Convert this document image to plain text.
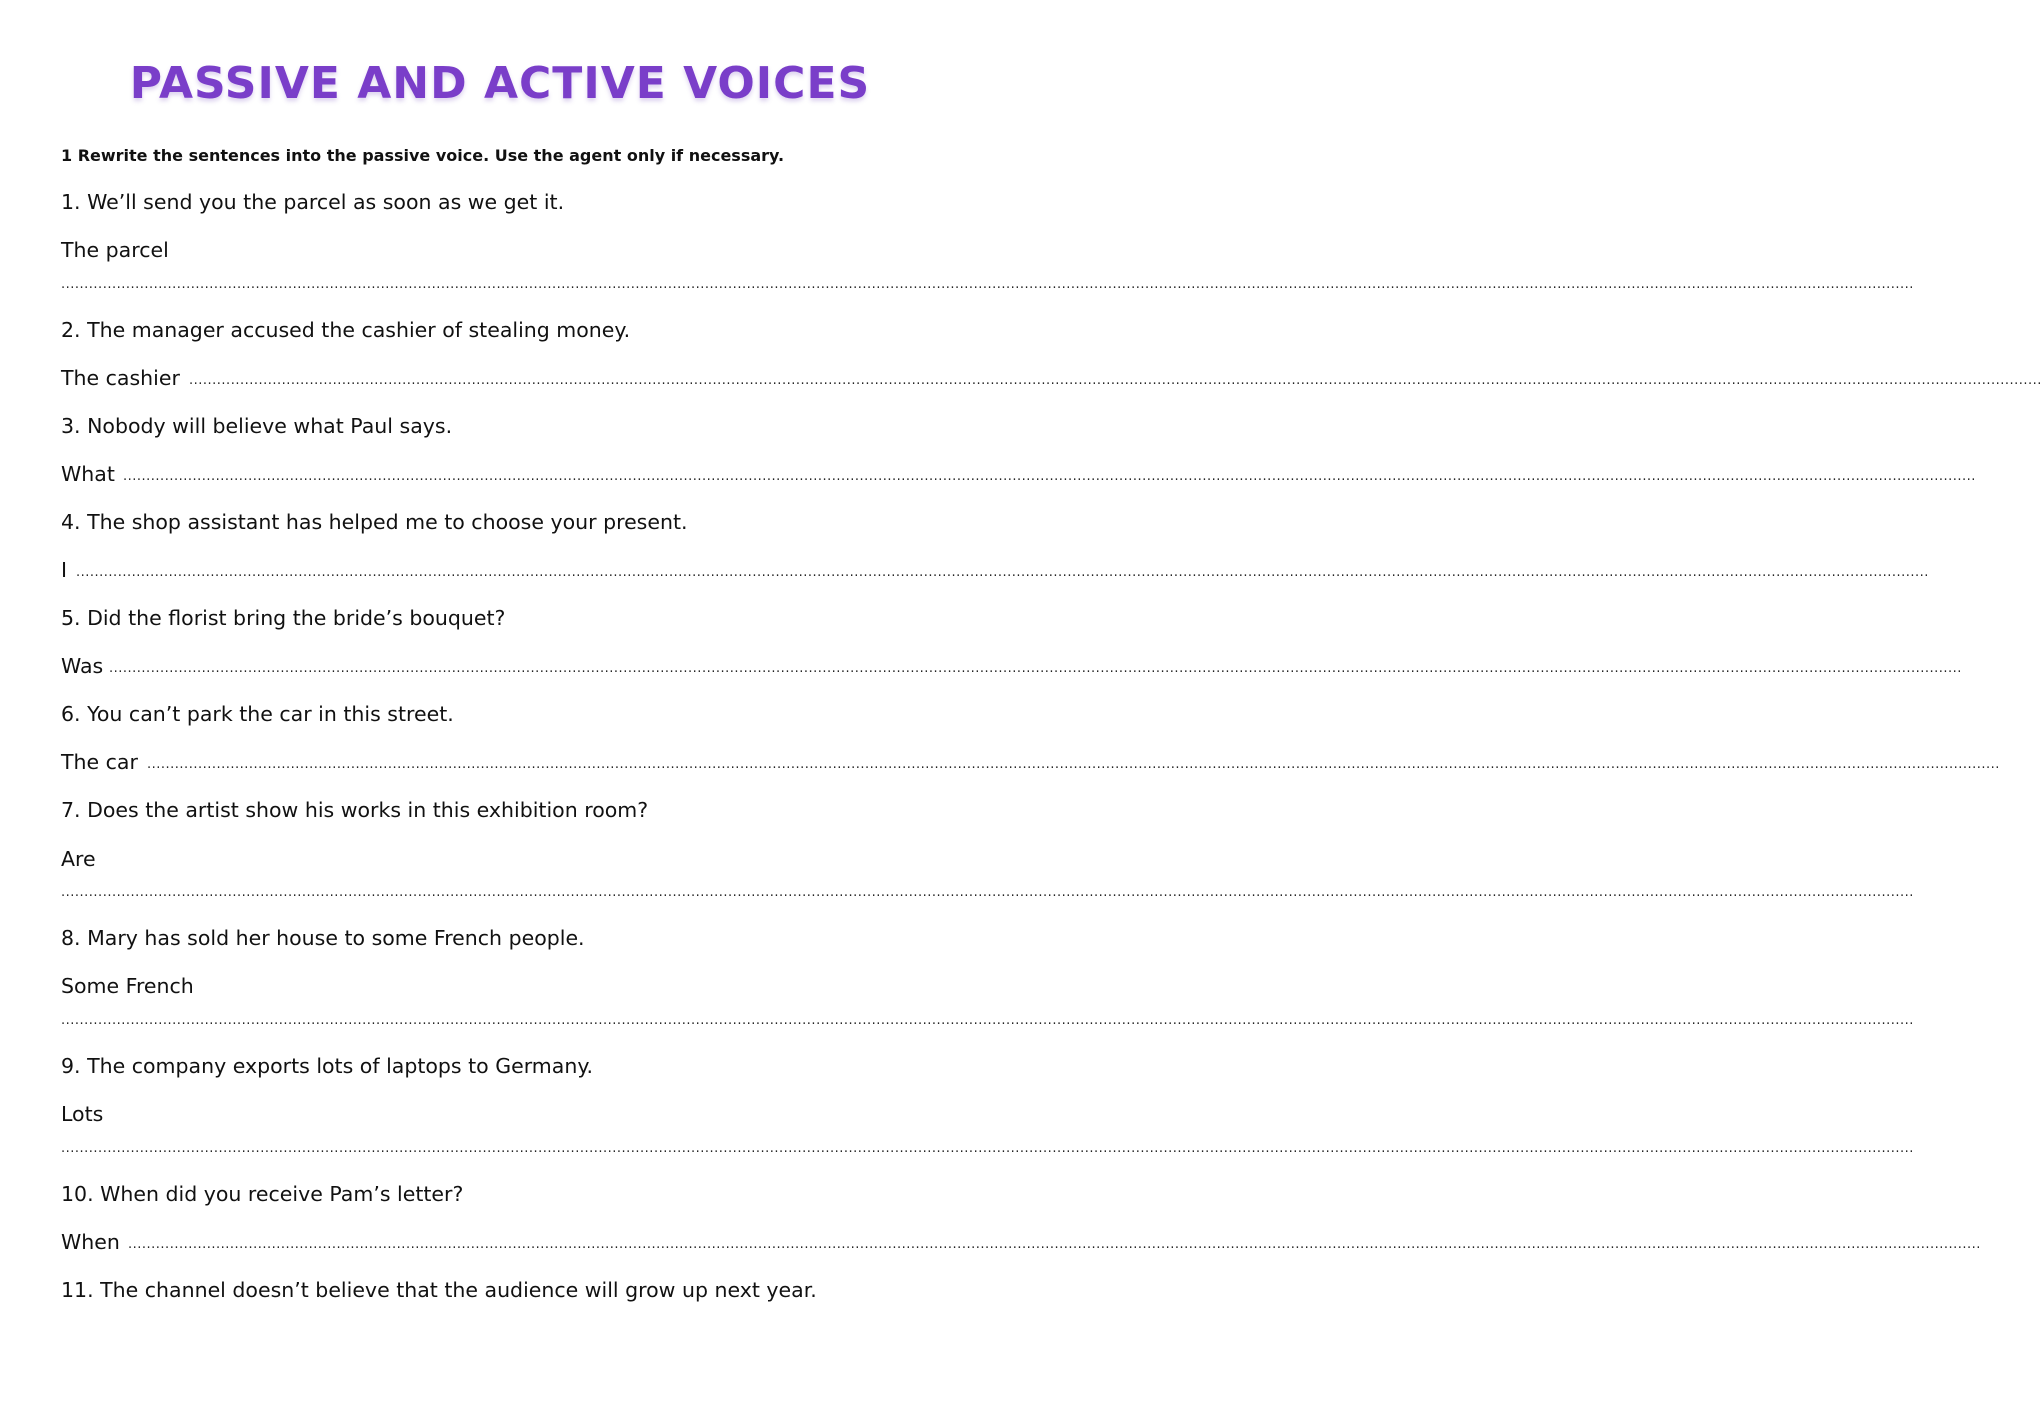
PASSIVE AND ACTIVE VOICES
1 Rewrite the sentences into the passive voice. Use the agent only if necessary.
1. We’ll send you the parcel as soon as we get it.
The parcel
................................................................................................................................................................................................................................................................................................................................................................................................................
2. The manager accused the cashier of stealing money.
The cashier ................................................................................................................................................................................................................................................................................................................................................................................................................
3. Nobody will believe what Paul says.
What ................................................................................................................................................................................................................................................................................................................................................................................................................
4. The shop assistant has helped me to choose your present.
I ................................................................................................................................................................................................................................................................................................................................................................................................................
5. Did the florist bring the bride’s bouquet?
Was ................................................................................................................................................................................................................................................................................................................................................................................................................
6. You can’t park the car in this street.
The car ................................................................................................................................................................................................................................................................................................................................................................................................................
7. Does the artist show his works in this exhibition room?
Are
................................................................................................................................................................................................................................................................................................................................................................................................................
8. Mary has sold her house to some French people.
Some French
................................................................................................................................................................................................................................................................................................................................................................................................................
9. The company exports lots of laptops to Germany.
Lots
................................................................................................................................................................................................................................................................................................................................................................................................................
10. When did you receive Pam’s letter?
When ................................................................................................................................................................................................................................................................................................................................................................................................................
11. The channel doesn’t believe that the audience will grow up next year.
